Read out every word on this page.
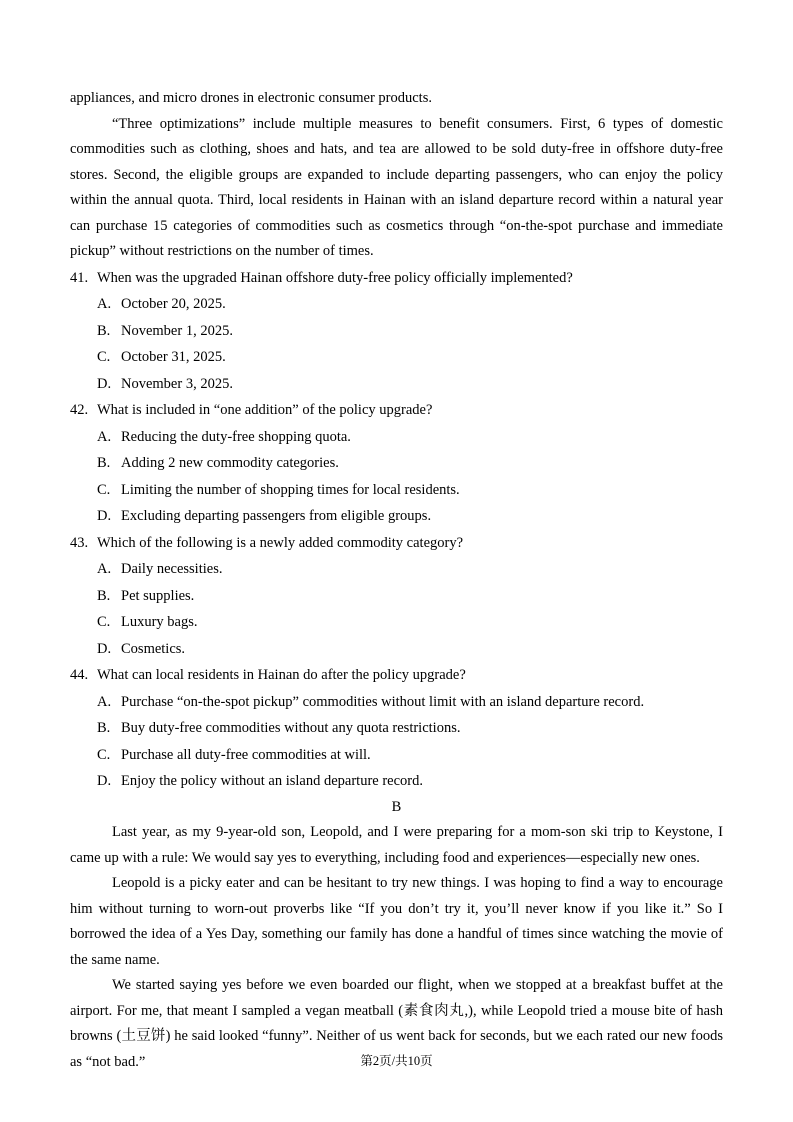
appliances, and micro drones in electronic consumer products.

“Three optimizations” include multiple measures to benefit consumers. First, 6 types of domestic commodities such as clothing, shoes and hats, and tea are allowed to be sold duty-free in offshore duty-free stores. Second, the eligible groups are expanded to include departing passengers, who can enjoy the policy within the annual quota. Third, local residents in Hainan with an island departure record within a natural year can purchase 15 categories of commodities such as cosmetics through “on-the-spot purchase and immediate pickup” without restrictions on the number of times.

41. When was the upgraded Hainan offshore duty-free policy officially implemented?

A. October 20, 2025.

B. November 1, 2025.

C. October 31, 2025.

D. November 3, 2025.

42. What is included in “one addition” of the policy upgrade?

A. Reducing the duty-free shopping quota.

B. Adding 2 new commodity categories.

C. Limiting the number of shopping times for local residents.

D. Excluding departing passengers from eligible groups.

43. Which of the following is a newly added commodity category?

A. Daily necessities.

B. Pet supplies.

C. Luxury bags.

D. Cosmetics.

44. What can local residents in Hainan do after the policy upgrade?

A. Purchase “on-the-spot pickup” commodities without limit with an island departure record.

B. Buy duty-free commodities without any quota restrictions.

C. Purchase all duty-free commodities at will.

D. Enjoy the policy without an island departure record.

B

Last year, as my 9-year-old son, Leopold, and I were preparing for a mom-son ski trip to Keystone, I came up with a rule: We would say yes to everything, including food and experiences—especially new ones.

Leopold is a picky eater and can be hesitant to try new things. I was hoping to find a way to encourage him without turning to worn-out proverbs like “If you don’t try it, you’ll never know if you like it.” So I borrowed the idea of a Yes Day, something our family has done a handful of times since watching the movie of the same name.

We started saying yes before we even boarded our flight, when we stopped at a breakfast buffet at the airport. For me, that meant I sampled a vegan meatball (素食肉丸,), while Leopold tried a mouse bite of hash browns (土豆饼) he said looked “funny”. Neither of us went back for seconds, but we each rated our new foods as “not bad.”	第2页/共10页
